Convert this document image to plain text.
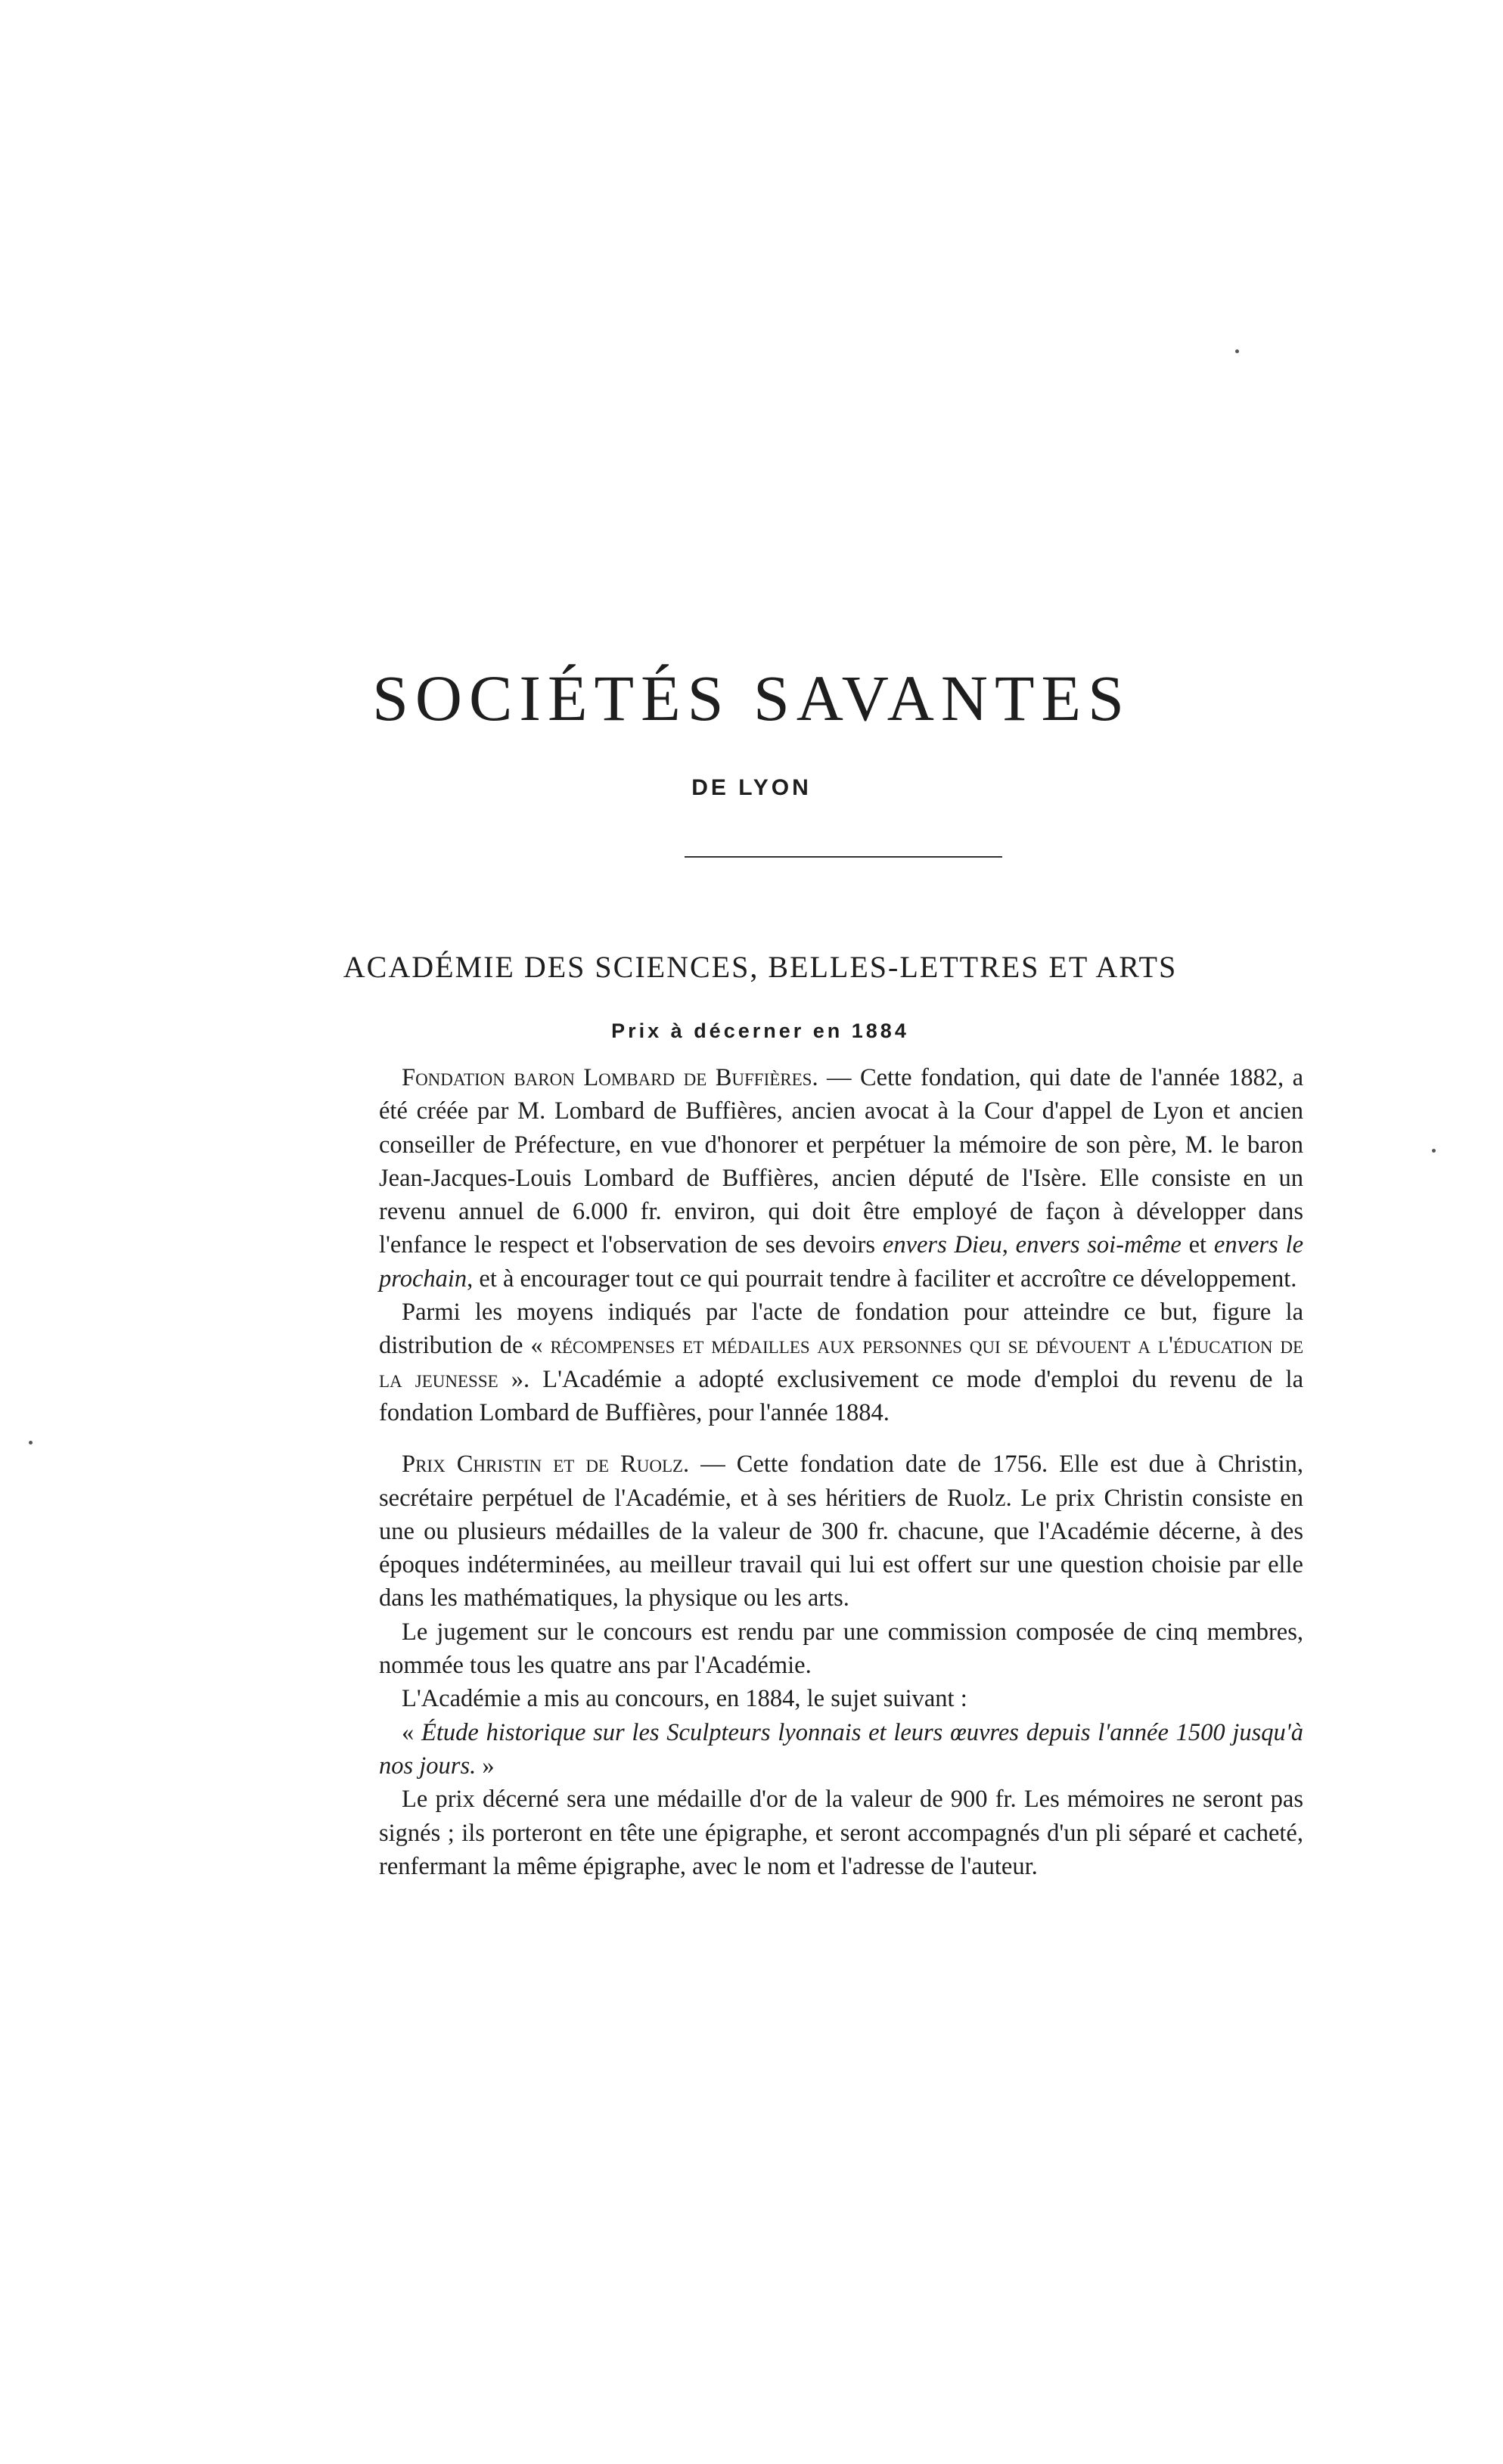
SOCIÉTÉS SAVANTES
DE LYON
ACADÉMIE DES SCIENCES, BELLES-LETTRES ET ARTS
Prix à décerner en 1884

Fondation baron Lombard de Buffières. — Cette fondation, qui date de l'année 1882, a été créée par M. Lombard de Buffières, ancien avocat à la Cour d'appel de Lyon et ancien conseiller de Préfecture, en vue d'honorer et perpétuer la mémoire de son père, M. le baron Jean-Jacques-Louis Lombard de Buffières, ancien député de l'Isère. Elle consiste en un revenu annuel de 6.000 fr. environ, qui doit être employé de façon à développer dans l'enfance le respect et l'observation de ses devoirs envers Dieu, envers soi-même et envers le prochain, et à encourager tout ce qui pourrait tendre à faciliter et accroître ce développement.

Parmi les moyens indiqués par l'acte de fondation pour atteindre ce but, figure la distribution de « récompenses et médailles aux personnes qui se dévouent a l'éducation de la jeunesse ». L'Académie a adopté exclusivement ce mode d'emploi du revenu de la fondation Lombard de Buffières, pour l'année 1884.

Prix Christin et de Ruolz. — Cette fondation date de 1756. Elle est due à Christin, secrétaire perpétuel de l'Académie, et à ses héritiers de Ruolz. Le prix Christin consiste en une ou plusieurs médailles de la valeur de 300 fr. chacune, que l'Académie décerne, à des époques indéterminées, au meilleur travail qui lui est offert sur une question choisie par elle dans les mathématiques, la physique ou les arts.

Le jugement sur le concours est rendu par une commission composée de cinq membres, nommée tous les quatre ans par l'Académie.

L'Académie a mis au concours, en 1884, le sujet suivant :

« Étude historique sur les Sculpteurs lyonnais et leurs œuvres depuis l'année 1500 jusqu'à nos jours. »

Le prix décerné sera une médaille d'or de la valeur de 900 fr. Les mémoires ne seront pas signés ; ils porteront en tête une épigraphe, et seront accompagnés d'un pli séparé et cacheté, renfermant la même épigraphe, avec le nom et l'adresse de l'auteur.
